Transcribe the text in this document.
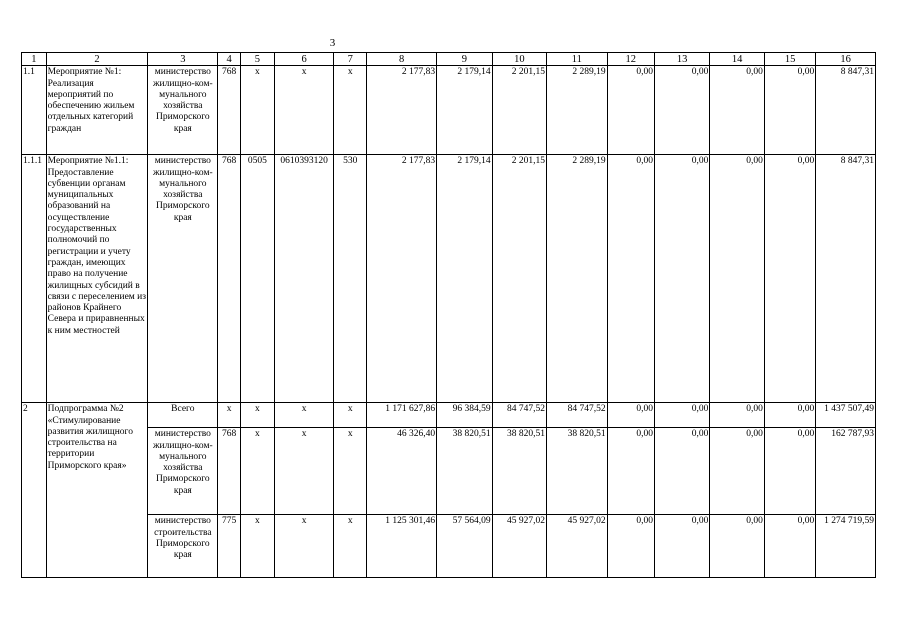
3
1	2	3	4	5	6	7	8	9	10	11	12	13	14	15	16
1.1	Мероприятие №1: Реализация мероприятий по обеспечению жильем отдельных категорий граждан	министерство жилищно-ком-мунального хозяйства Приморского края	768	x	x	x	2 177,83	2 179,14	2 201,15	2 289,19	0,00	0,00	0,00	0,00	8 847,31
1.1.1	Мероприятие №1.1: Предоставление субвенции органам муниципальных образований на осуществление государственных полномочий по регистрации и учету граждан, имеющих право на получение жилищных субсидий в связи с переселением из районов Крайнего Севера и приравненных к ним местностей	министерство жилищно-ком-мунального хозяйства Приморского края	768	0505	0610393120	530	2 177,83	2 179,14	2 201,15	2 289,19	0,00	0,00	0,00	0,00	8 847,31
2	Подпрограмма №2 «Стимулирование развития жилищного строительства на территории Приморского края»	Всего	x	x	x	x	1 171 627,86	96 384,59	84 747,52	84 747,52	0,00	0,00	0,00	0,00	1 437 507,49
		министерство жилищно-ком-мунального хозяйства Приморского края	768	x	x	x	46 326,40	38 820,51	38 820,51	38 820,51	0,00	0,00	0,00	0,00	162 787,93
		министерство строительства Приморского края	775	x	x	x	1 125 301,46	57 564,09	45 927,02	45 927,02	0,00	0,00	0,00	0,00	1 274 719,59
